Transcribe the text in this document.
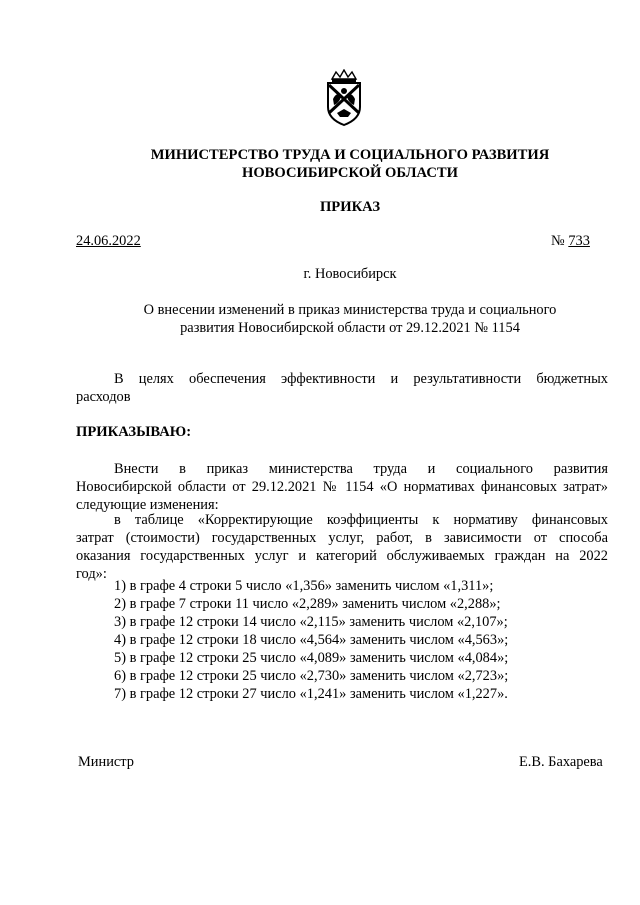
МИНИСТЕРСТВО ТРУДА И СОЦИАЛЬНОГО РАЗВИТИЯ
НОВОСИБИРСКОЙ ОБЛАСТИ
ПРИКАЗ
24.06.2022	№ 733
г. Новосибирск
О внесении изменений в приказ министерства труда и социального
развития Новосибирской области от 29.12.2021 № 1154
В целях обеспечения эффективности и результативности бюджетных
расходов
ПРИКАЗЫВАЮ:
Внести в приказ министерства труда и социального развития
Новосибирской области от 29.12.2021 № 1154 «О нормативах финансовых затрат»
следующие изменения:
в таблице «Корректирующие коэффициенты к нормативу финансовых
затрат (стоимости) государственных услуг, работ, в зависимости от способа
оказания государственных услуг и категорий обслуживаемых граждан на 2022
год»:
1) в графе 4 строки 5 число «1,356» заменить числом «1,311»;
2) в графе 7 строки 11 число «2,289» заменить числом «2,288»;
3) в графе 12 строки 14 число «2,115» заменить числом «2,107»;
4) в графе 12 строки 18 число «4,564» заменить числом «4,563»;
5) в графе 12 строки 25 число «4,089» заменить числом «4,084»;
6) в графе 12 строки 25 число «2,730» заменить числом «2,723»;
7) в графе 12 строки 27 число «1,241» заменить числом «1,227».
Министр	Е.В. Бахарева
